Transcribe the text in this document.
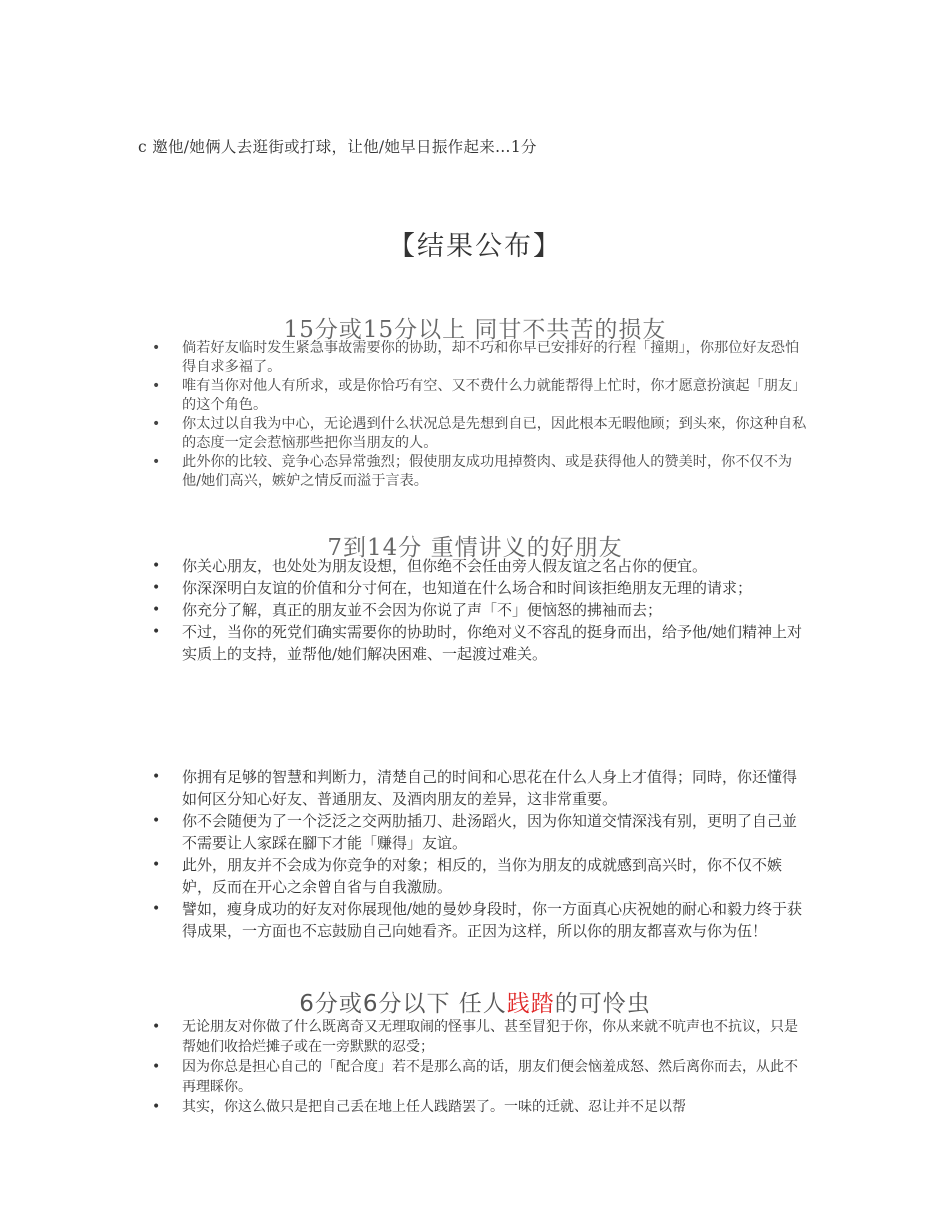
c 邀他/她俩人去逛街或打球，让他/她早日振作起来…1分
【结果公布】
15分或15分以上 同甘不共苦的损友
• 倘若好友临时发生紧急事故需要你的协助，却不巧和你早已安排好的行程「撞期」，你那位好友恐怕得自求多福了。
• 唯有当你对他人有所求，或是你恰巧有空、又不费什么力就能帮得上忙时，你才愿意扮演起「朋友」的这个角色。
• 你太过以自我为中心，无论遇到什么状况总是先想到自已，因此根本无暇他顾；到头來，你这种自私的态度一定会惹恼那些把你当朋友的人。
• 此外你的比较、竞争心态异常強烈；假使朋友成功甩掉赘肉、或是获得他人的赞美时，你不仅不为他/她们高兴，嫉妒之情反而溢于言表。
7到14分 重情讲义的好朋友
• 你关心朋友，也处处为朋友设想，但你绝不会任由旁人假友谊之名占你的便宜。
• 你深深明白友谊的价值和分寸何在，也知道在什么场合和时间该拒绝朋友无理的请求；
• 你充分了解，真正的朋友並不会因为你说了声「不」便恼怒的拂袖而去；
• 不过，当你的死党们确实需要你的协助时，你绝对义不容乱的挺身而出，给予他/她们精神上对实质上的支持，並帮他/她们解决困难、一起渡过难关。
• 你拥有足够的智慧和判断力，清楚自己的时间和心思花在什么人身上才值得；同時，你还懂得如何区分知心好友、普通朋友、及酒肉朋友的差异，这非常重要。
• 你不会随便为了一个泛泛之交两肋插刀、赴汤蹈火，因为你知道交情深浅有别，更明了自己並不需要让人家踩在腳下才能「赚得」友谊。
• 此外，朋友并不会成为你竞争的对象；相反的，当你为朋友的成就感到高兴时，你不仅不嫉妒，反而在开心之余曾自省与自我激励。
• 譬如，瘦身成功的好友对你展现他/她的曼妙身段时，你一方面真心庆祝她的耐心和毅力终于获得成果，一方面也不忘鼓励自己向她看齐。正因为这样，所以你的朋友都喜欢与你为伍！
6分或6分以下 任人践踏的可怜虫
• 无论朋友对你做了什么既离奇又无理取闹的怪事儿、甚至冒犯于你，你从来就不吭声也不抗议，只是帮她们收拾烂摊子或在一旁默默的忍受；
• 因为你总是担心自己的「配合度」若不是那么高的话，朋友们便会恼羞成怒、然后离你而去，从此不再理睬你。
• 其实，你这么做只是把自己丢在地上任人践踏罢了。一味的迁就、忍让并不足以帮
